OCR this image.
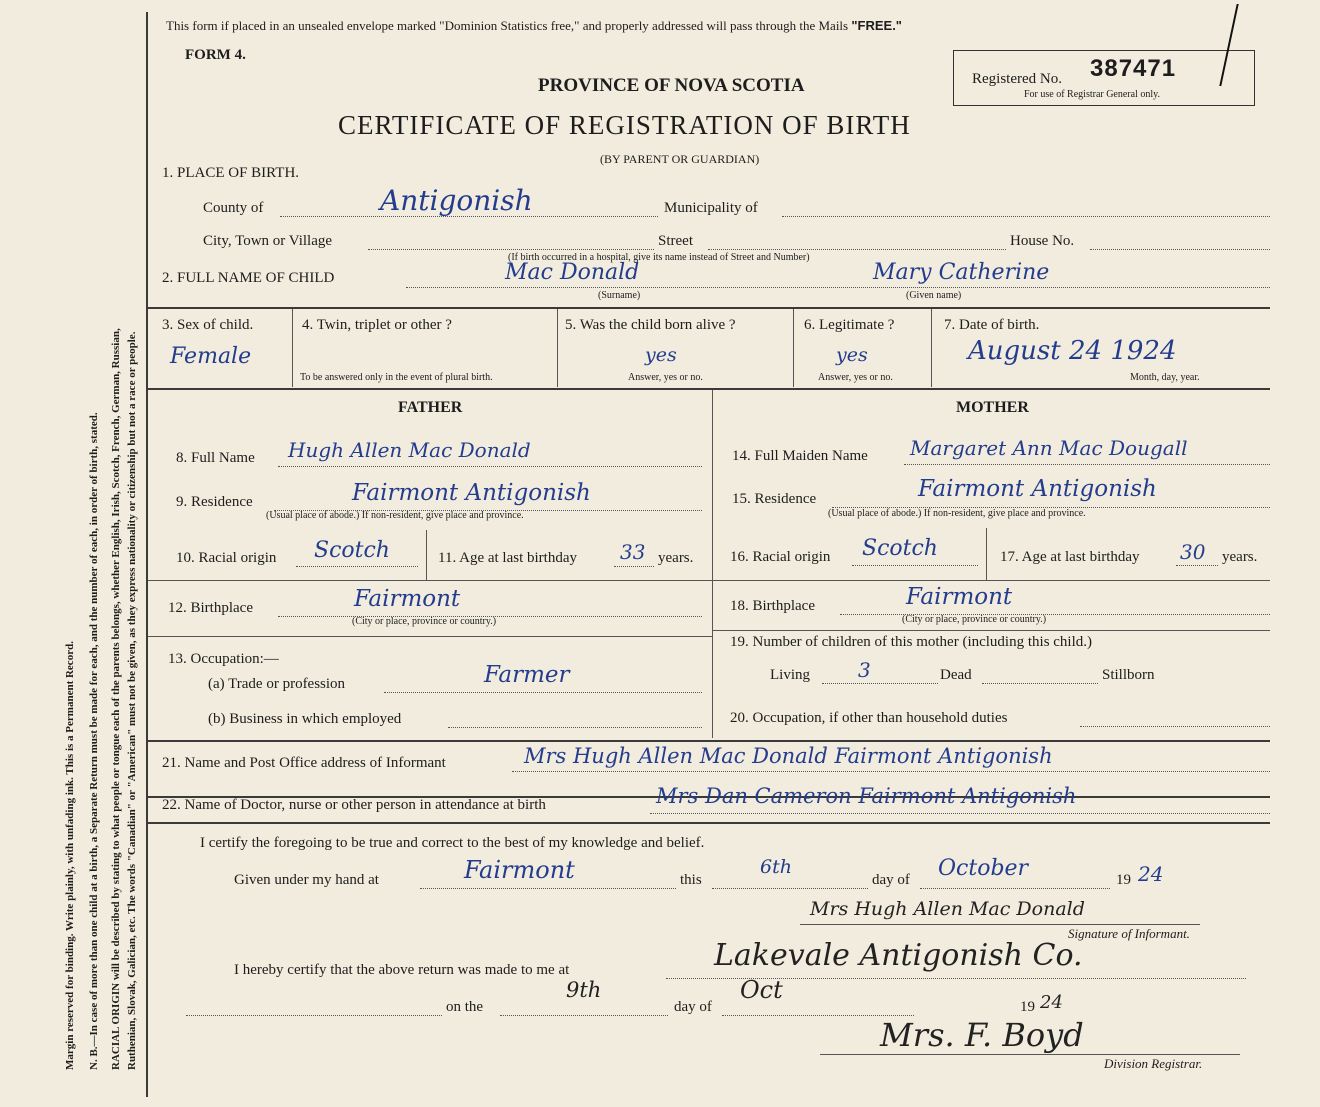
Margin reserved for binding. Write plainly, with unfading ink. This is a Permanent Record. N. B.—In case of more than one child at a birth, a Separate Return must be made for each, and the number of each, in order of birth, stated. RACIAL ORIGIN will be described by stating to what people or tongue each of the parents belongs, whether English, Irish, Scotch, French, German, Russian, Ruthenian, Slovak, Galician, etc. The words "Canadian" or "American" must not be given, as they express nationality or citizenship but not a race or people.
This form if placed in an unsealed envelope marked "Dominion Statistics free," and properly addressed will pass through the Mails "FREE."
FORM 4.
PROVINCE OF NOVA SCOTIA
CERTIFICATE OF REGISTRATION OF BIRTH
(BY PARENT OR GUARDIAN)
Registered No. 387471
For use of Registrar General only.
1. PLACE OF BIRTH.
County of	Antigonish	Municipality of
City, Town or Village	Street	House No.
(If birth occurred in a hospital, give its name instead of Street and Number)
2. FULL NAME OF CHILD	Mac Donald	Mary Catherine
(Surname)	(Given name)
3. Sex of child.
Female
4. Twin, triplet or other ?
To be answered only in the event of plural birth.
5. Was the child born alive ?
yes
Answer, yes or no.
6. Legitimate ?
yes
Answer, yes or no.
7. Date of birth.
August 24 1924
Month, day, year.
FATHER
8. Full Name Hugh Allen Mac Donald
9. Residence	Fairmont Antigonish
(Usual place of abode.) If non-resident, give place and province.
10. Racial origin Scotch	11. Age at last birthday 33 years.
12. Birthplace	Fairmont
(City or place, province or country.)
13. Occupation:—
(a) Trade or profession	Farmer
(b) Business in which employed
MOTHER
14. Full Maiden Name Margaret Ann Mac Dougall
15. Residence	Fairmont Antigonish
(Usual place of abode.) If non-resident, give place and province.
16. Racial origin Scotch	17. Age at last birthday 30 years.
18. Birthplace	Fairmont
(City or place, province or country.)
19. Number of children of this mother (including this child.)
Living 3	Dead	Stillborn
20. Occupation, if other than household duties
21. Name and Post Office address of Informant	Mrs Hugh Allen Mac Donald Fairmont Antigonish
22. Name of Doctor, nurse or other person in attendance at birth	Mrs Dan Cameron Fairmont Antigonish
I certify the foregoing to be true and correct to the best of my knowledge and belief.
Given under my hand at	Fairmont	this
6th
day of October	19 24
Mrs Hugh Allen Mac Donald
Signature of Informant.
I hereby certify that the above return was made to me at	Lakevale Antigonish Co.
on the
9th
day of
Oct
19 24
Mrs. F. Boyd
Division Registrar.
